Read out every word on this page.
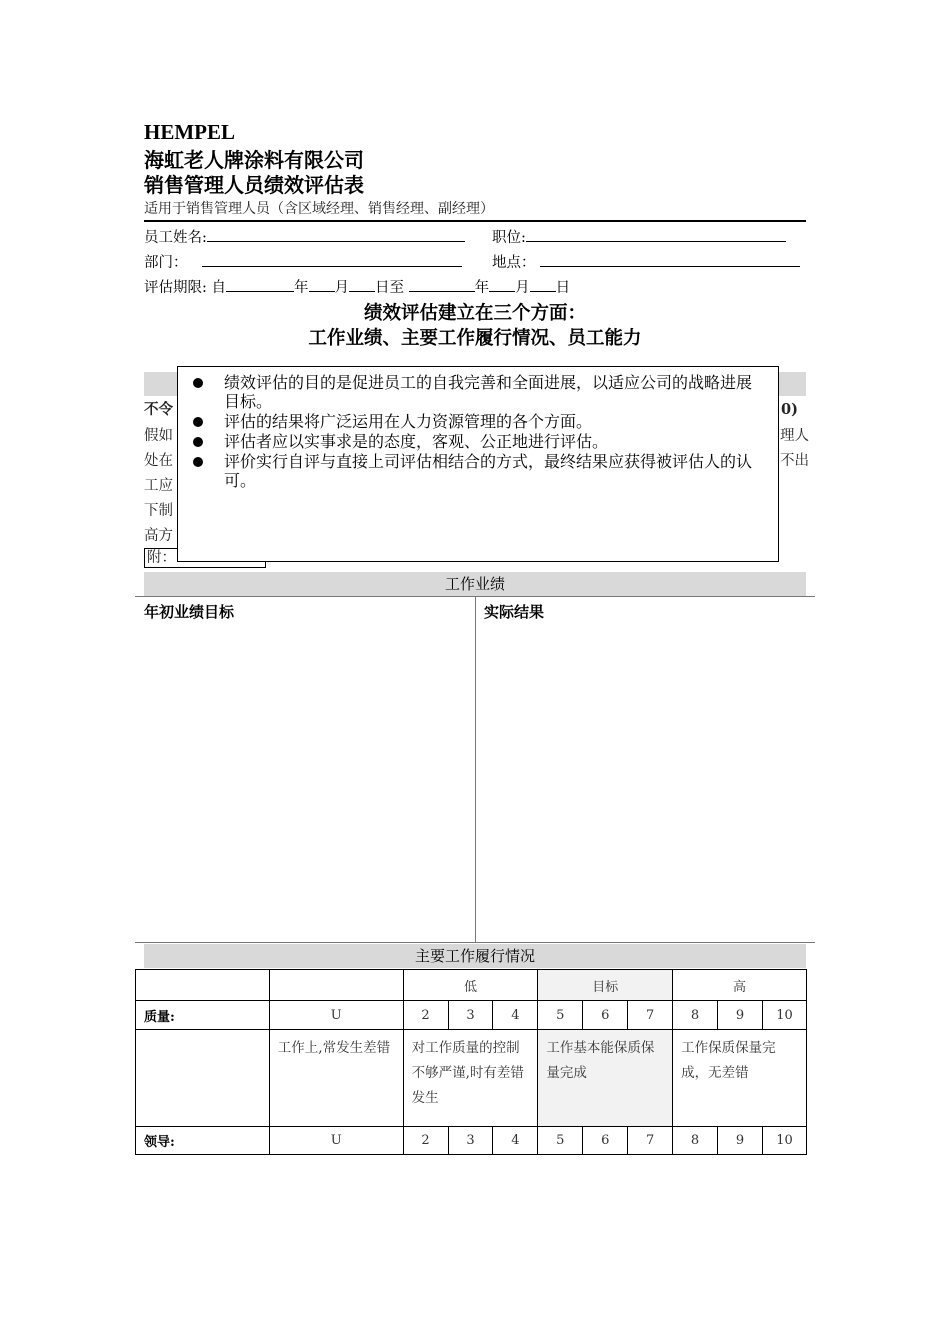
HEMPEL
海虹老人牌涂料有限公司
销售管理人员绩效评估表
适用于销售管理人员（含区域经理、销售经理、副经理）
员工姓名:	职位:
部门：	地点：
评估期限: 自	年 月 日至	年 月 日
绩效评估建立在三个方面：
工作业绩、主要工作履行情况、员工能力
不令
假如
处在
工应
下制
高方
附：
0)
理人
不出
绩效评估的目的是促进员工的自我完善和全面进展，以适应公司的战略进展目标。
评估的结果将广泛运用在人力资源管理的各个方面。
评估者应以实事求是的态度，客观、公正地进行评估。
评价实行自评与直接上司评估相结合的方式，最终结果应获得被评估人的认可。
工作业绩
年初业绩目标	实际结果
主要工作履行情况
		低			目标			高		
质量:	U	2	3	4	5	6	7	8	9	10
	工作上,常发生差错	对工作质量的控制不够严谨,时有差错发生			工作基本能保质保量完成			工作保质保量完成，无差错		
领导:	U	2	3	4	5	6	7	8	9	10
